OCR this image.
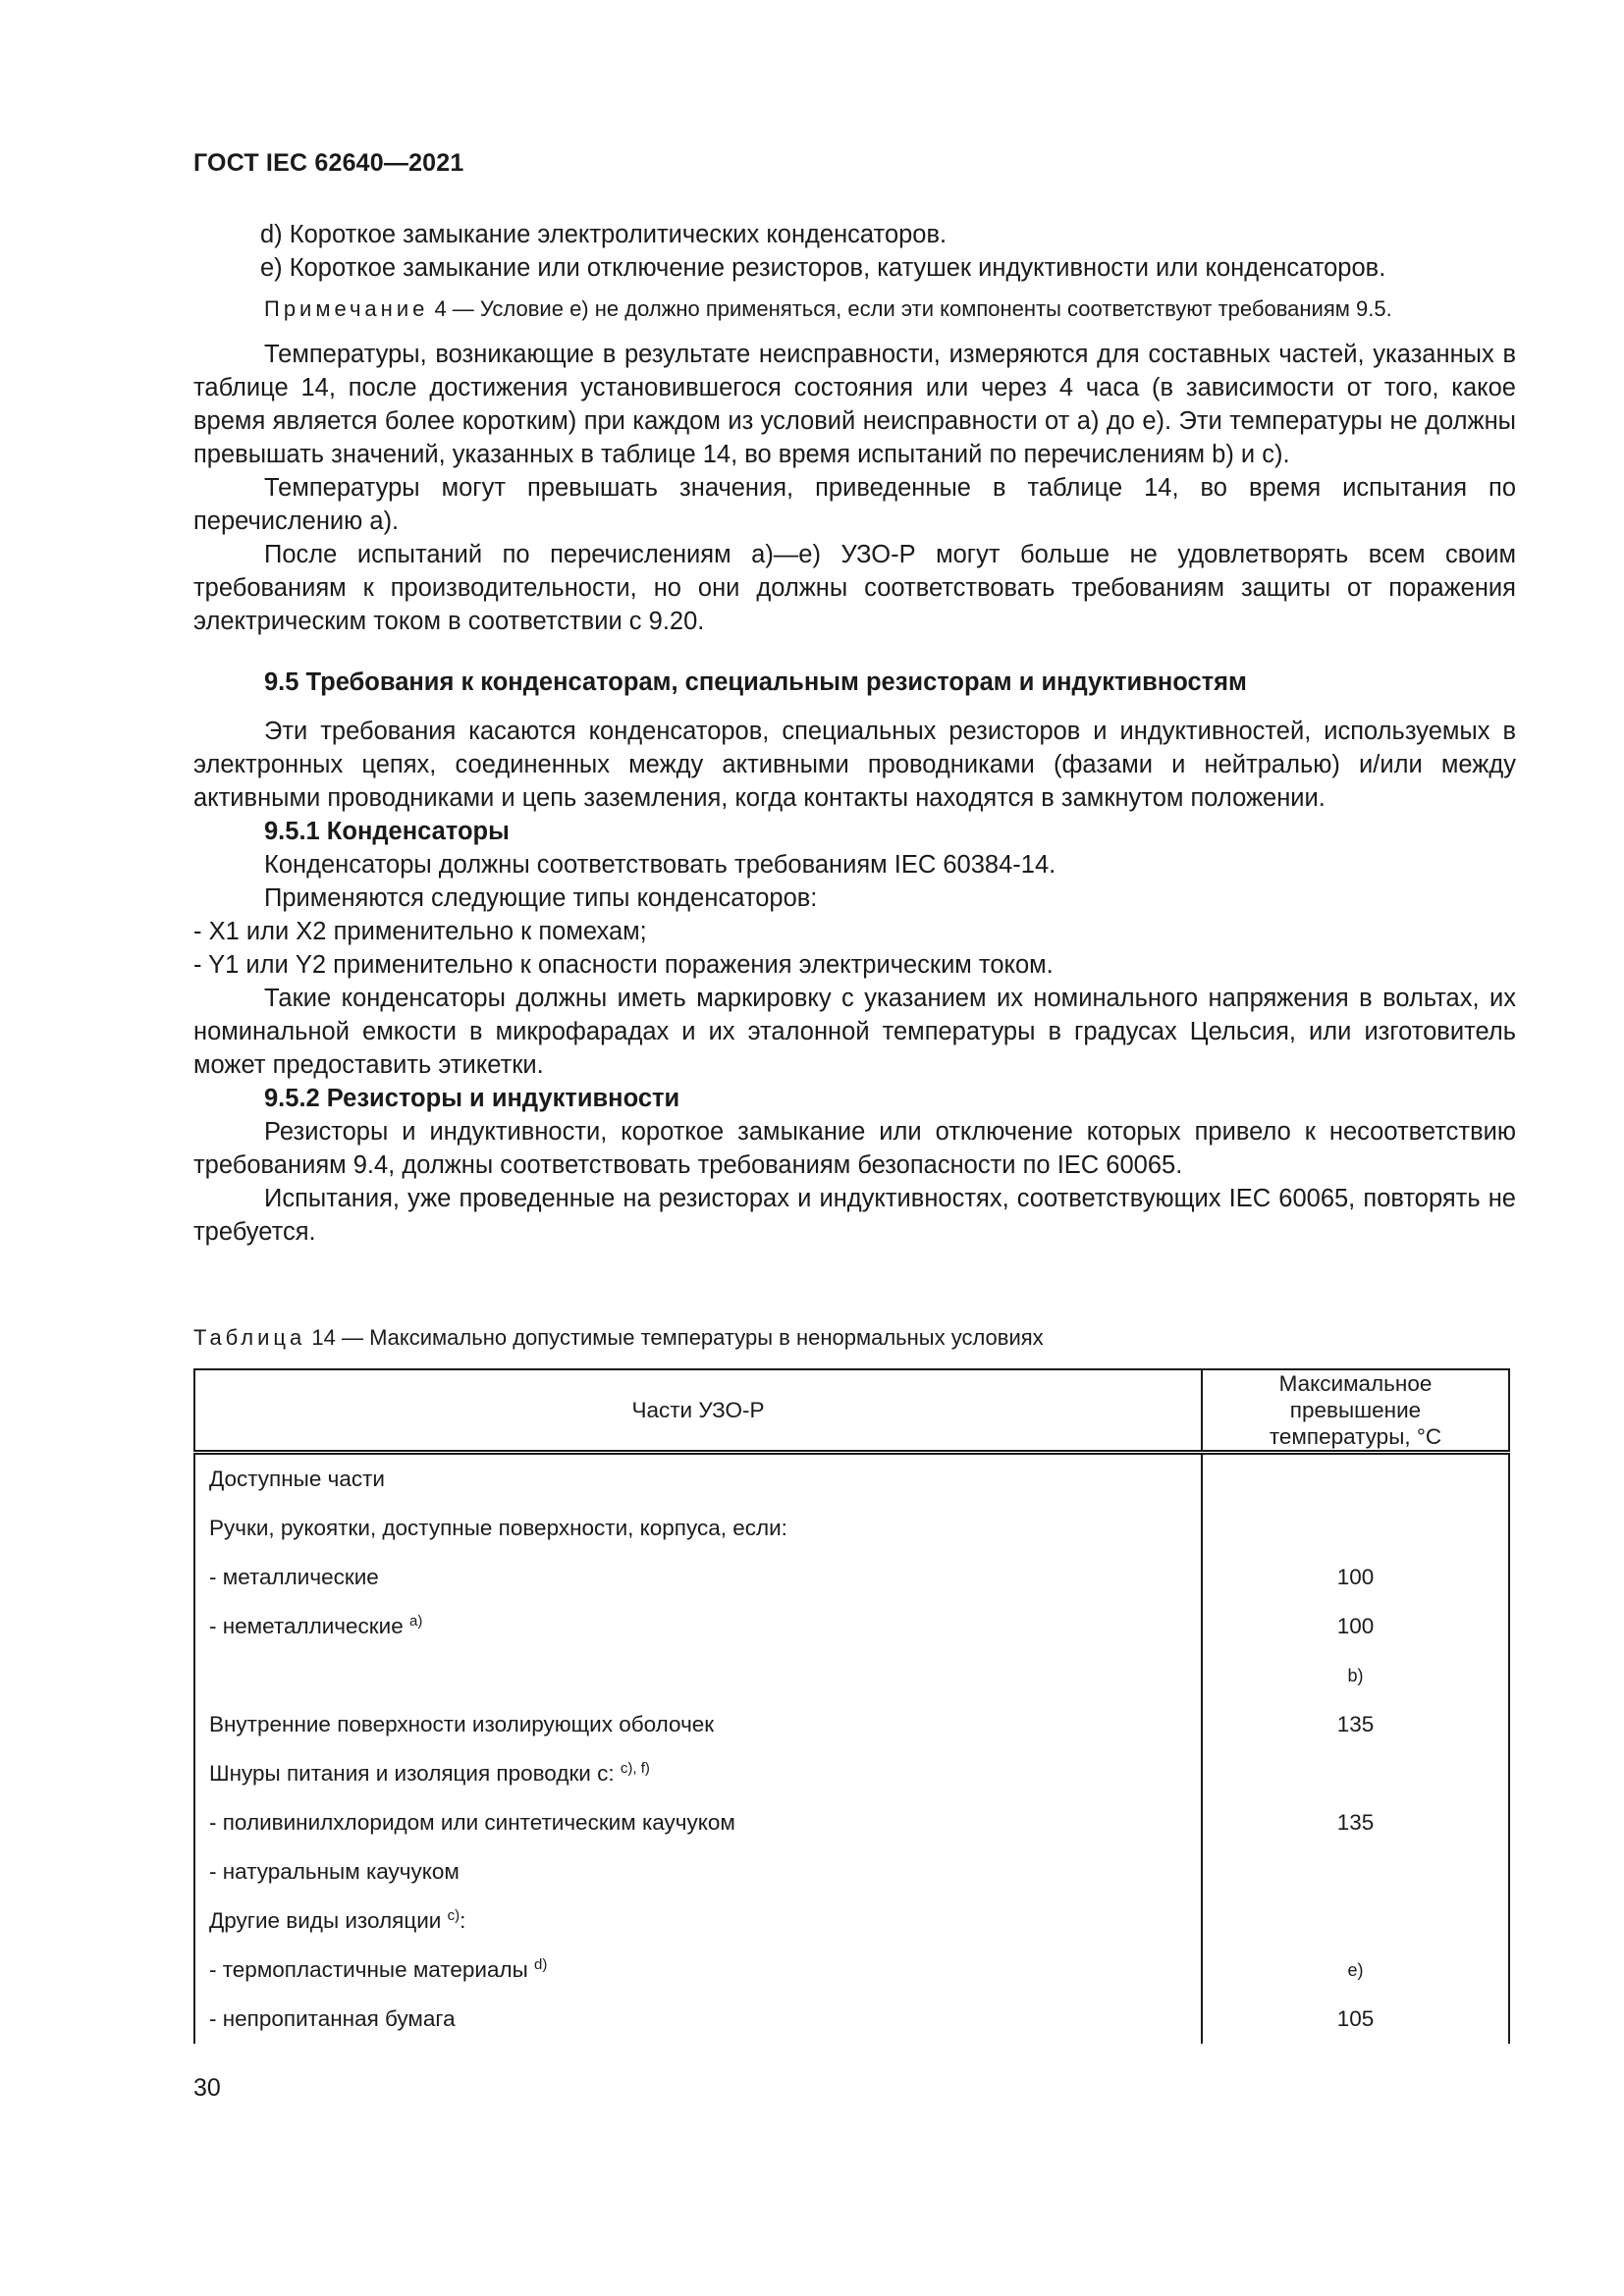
ГОСТ IEC 62640—2021

d) Короткое замыкание электролитических конденсаторов.

е) Короткое замыкание или отключение резисторов, катушек индуктивности или конденсаторов.

Примечание 4 — Условие е) не должно применяться, если эти компоненты соответствуют требованиям 9.5.

Температуры, возникающие в результате неисправности, измеряются для составных частей, указанных в таблице 14, после достижения установившегося состояния или через 4 часа (в зависимости от того, какое время является более коротким) при каждом из условий неисправности от а) до е). Эти температуры не должны превышать значений, указанных в таблице 14, во время испытаний по перечислениям b) и c).

Температуры могут превышать значения, приведенные в таблице 14, во время испытания по перечислению а).

После испытаний по перечислениям а)—е) УЗО-Р могут больше не удовлетворять всем своим требованиям к производительности, но они должны соответствовать требованиям защиты от поражения электрическим током в соответствии с 9.20.

9.5 Требования к конденсаторам, специальным резисторам и индуктивностям

Эти требования касаются конденсаторов, специальных резисторов и индуктивностей, используемых в электронных цепях, соединенных между активными проводниками (фазами и нейтралью) и/или между активными проводниками и цепь заземления, когда контакты находятся в замкнутом положении.

9.5.1 Конденсаторы

Конденсаторы должны соответствовать требованиям IEC 60384-14.

Применяются следующие типы конденсаторов:

- X1 или X2 применительно к помехам;

- Y1 или Y2 применительно к опасности поражения электрическим током.

Такие конденсаторы должны иметь маркировку с указанием их номинального напряжения в вольтах, их номинальной емкости в микрофарадах и их эталонной температуры в градусах Цельсия, или изготовитель может предоставить этикетки.

9.5.2 Резисторы и индуктивности

Резисторы и индуктивности, короткое замыкание или отключение которых привело к несоответствию требованиям 9.4, должны соответствовать требованиям безопасности по IEC 60065.

Испытания, уже проведенные на резисторах и индуктивностях, соответствующих IEC 60065, повторять не требуется.

Таблица 14 — Максимально допустимые температуры в ненормальных условиях
Части УЗО-Р	Максимальное превышение
температуры, °С
Доступные части	
Ручки, рукоятки, доступные поверхности, корпуса, если:	
- металлические	100
- неметаллические $^{а)}$	100
	b)
Внутренние поверхности изолирующих оболочек	135
Шнуры питания и изоляция проводки с: $^{c), f)}$	
- поливинилхлоридом или синтетическим каучуком	135
- натуральным каучуком	
Другие виды изоляции $^{c)}$:	
- термопластичные материалы $^{d)}$	e)
- непропитанная бумага	105
30
